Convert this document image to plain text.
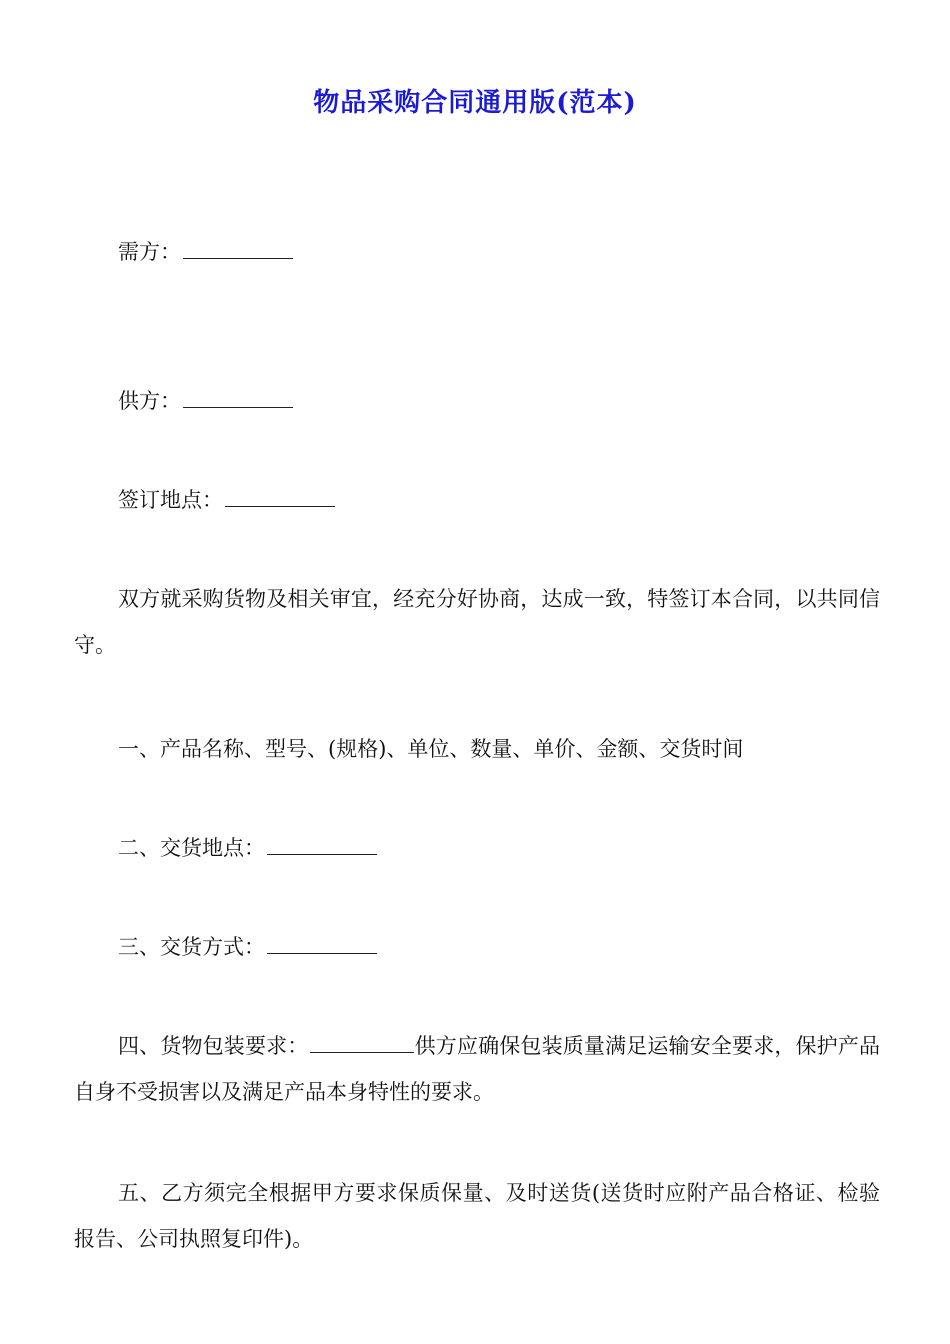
物品采购合同通用版(范本)
需方：
供方：
签订地点：
双方就采购货物及相关审宜，经充分好协商，达成一致，特签订本合同，以共同信守。
一、产品名称、型号、(规格)、单位、数量、单价、金额、交货时间
二、交货地点：
三、交货方式：
四、货物包装要求：	供方应确保包装质量满足运输安全要求，保护产品自身不受损害以及满足产品本身特性的要求。
五、乙方须完全根据甲方要求保质保量、及时送货(送货时应附产品合格证、检验报告、公司执照复印件)。
